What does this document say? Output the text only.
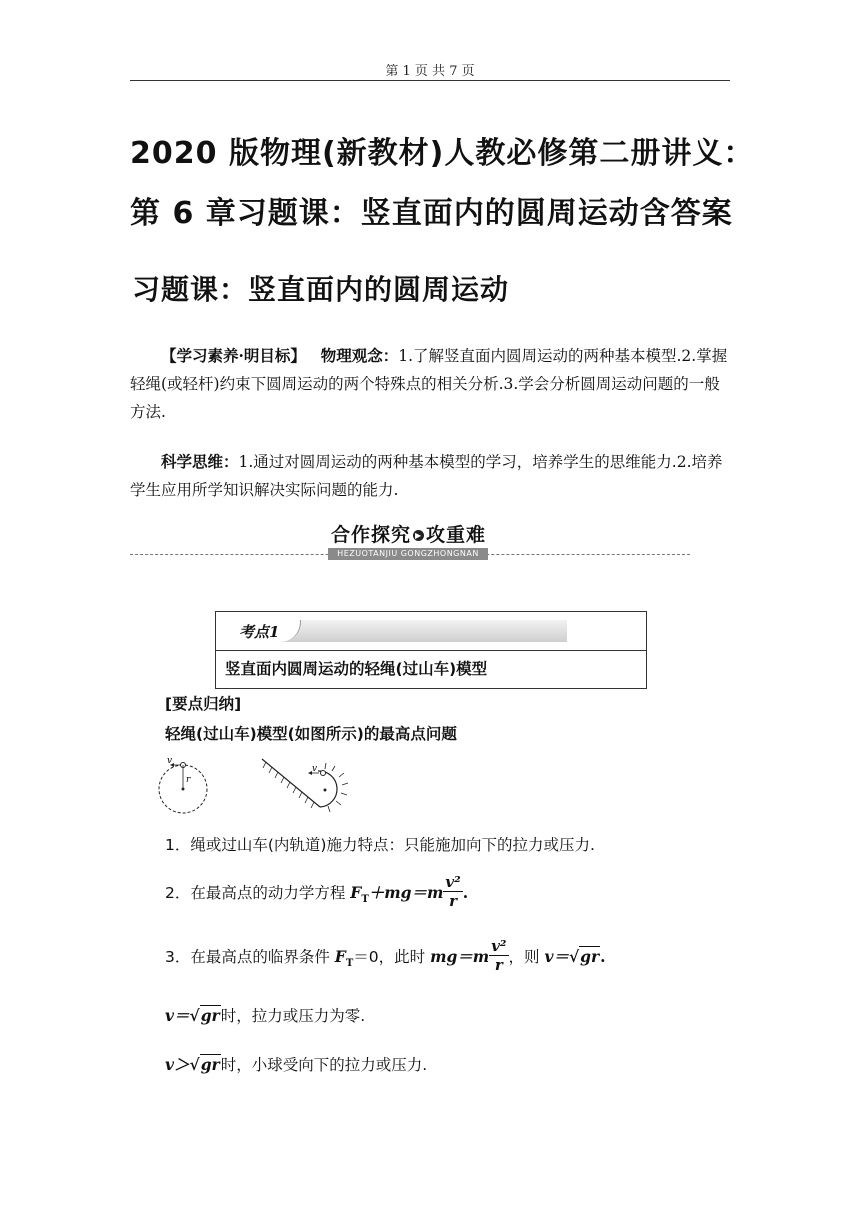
第 1 页 共 7 页
2020 版物理(新教材)人教必修第二册讲义：
第 6 章习题课：竖直面内的圆周运动含答案
习题课：竖直面内的圆周运动
【学习素养·明目标】 物理观念：1.了解竖直面内圆周运动的两种基本模型.2.掌握轻绳(或轻杆)约束下圆周运动的两个特殊点的相关分析.3.学会分析圆周运动问题的一般方法.
科学思维：1.通过对圆周运动的两种基本模型的学习，培养学生的思维能力.2.培养学生应用所学知识解决实际问题的能力.
合作探究 ▶ 攻重难
HEZUOTANJIU GONGZHONGNAN
考点1
竖直面内圆周运动的轻绳(过山车)模型
[要点归纳]
轻绳(过山车)模型(如图所示)的最高点问题
v
r
v
1．绳或过山车(内轨道)施力特点：只能施加向下的拉力或压力.
2．在最高点的动力学方程 $F_T+mg=m \frac{\text{v²}}{r}$ .
3．在最高点的临界条件 $F_T=0$，此时 $mg=m \frac{\text{v²}}{r}$ ，则 v＝√gr.
v＝√gr时，拉力或压力为零.
v＞√gr时，小球受向下的拉力或压力.
